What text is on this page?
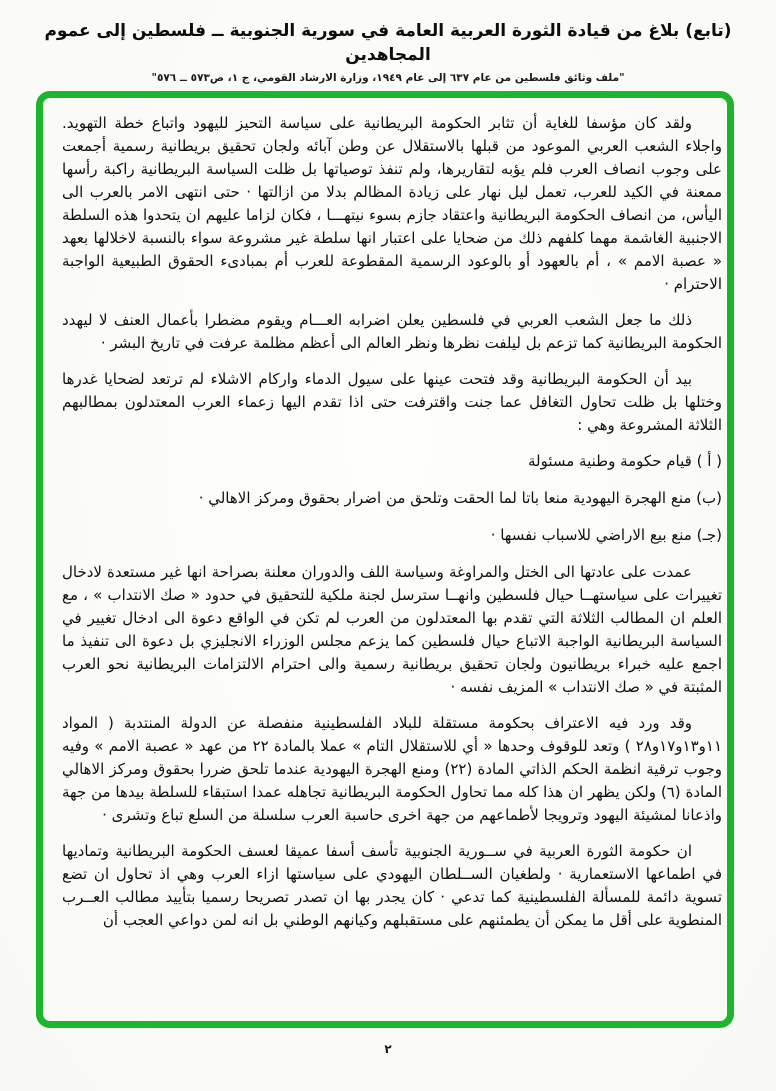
(تابع) بلاغ من قيادة الثورة العربية العامة في سورية الجنوبية ــ فلسطين إلى عموم المجاهدين
"ملف وثائق فلسطين من عام ٦٣٧ إلى عام ١٩٤٩، وزارة الارشاد القومي، ج ١، ص٥٧٣ ــ ٥٧٦"

ولقد كان مؤسفا للغاية أن تثابر الحكومة البريطانية على سياسة التحيز لليهود واتباع خطة التهويد. واجلاء الشعب العربي الموعود من قبلها بالاستقلال عن وطن آبائه ولجان تحقيق بريطانية رسمية أجمعت على وجوب انصاف العرب فلم يؤبه لتقاريرها، ولم تنفذ توصياتها بل ظلت السياسة البريطانية راكبة رأسها ممعنة في الكيد للعرب، تعمل ليل نهار على زيادة المظالم بدلا من ازالتها · حتى انتهى الامر بالعرب الى اليأس، من انصاف الحكومة البريطانية واعتقاد جازم بسوء نيتهـــا ، فكان لزاما عليهم ان يتحدوا هذه السلطة الاجنبية الغاشمة مهما كلفهم ذلك من ضحايا على اعتبار انها سلطة غير مشروعة سواء بالنسبة لاخلالها بعهد « عصبة الامم » ، أم بالعهود أو بالوعود الرسمية المقطوعة للعرب أم بمبادىء الحقوق الطبيعية الواجبة الاحترام ·

ذلك ما جعل الشعب العربي في فلسطين يعلن اضرابه العـــام ويقوم مضطرا بأعمال العنف لا ليهدد الحكومة البريطانية كما تزعم بل ليلفت نظرها ونظر العالم الى أعظم مظلمة عرفت في تاريخ البشر ·

بيد أن الحكومة البريطانية وقد فتحت عينها على سيول الدماء واركام الاشلاء لم ترتعد لضحايا غدرها وختلها بل ظلت تحاول التغافل عما جنت واقترفت حتى اذا تقدم اليها زعماء العرب المعتدلون بمطالبهم الثلاثة المشروعة وهي :

( أ ) قيام حكومة وطنية مسئولة

(ب) منع الهجرة اليهودية منعا باتا لما الحقت وتلحق من اضرار بحقوق ومركز الاهالي ·

(جـ) منع بيع الاراضي للاسباب نفسها ·

عمدت على عادتها الى الختل والمراوغة وسياسة اللف والدوران معلنة بصراحة انها غير مستعدة لادخال تغييرات على سياستهــا حيال فلسطين وانهــا سترسل لجنة ملكية للتحقيق في حدود « صك الانتداب » ، مع العلم ان المطالب الثلاثة التي تقدم بها المعتدلون من العرب لم تكن في الواقع دعوة الى ادخال تغيير في السياسة البريطانية الواجبة الاتباع حيال فلسطين كما يزعم مجلس الوزراء الانجليزي بل دعوة الى تنفيذ ما اجمع عليه خبراء بريطانيون ولجان تحقيق بريطانية رسمية والى احترام الالتزامات البريطانية نحو العرب المثبتة في « صك الانتداب » المزيف نفسه ·

وقد ورد فيه الاعتراف بحكومة مستقلة للبلاد الفلسطينية منفصلة عن الدولة المنتدبة ( المواد ١١و١٣و١٧و٢٨ ) وتعد للوقوف وحدها « أي للاستقلال التام » عملا بالمادة ٢٢ من عهد « عصبة الامم » وفيه وجوب ترقية انظمة الحكم الذاتي المادة (٢٢) ومنع الهجرة اليهودية عندما تلحق ضررا بحقوق ومركز الاهالي المادة (٦) ولكن يظهر ان هذا كله مما تحاول الحكومة البريطانية تجاهله عمدا استبقاء للسلطة بيدها من جهة واذعانا لمشيئة اليهود وترويجا لأطماعهم من جهة اخرى حاسبة العرب سلسلة من السلع تباع وتشرى ·

ان حكومة الثورة العربية في ســورية الجنوبية تأسف أسفا عميقا لعسف الحكومة البريطانية وتماديها في اطماعها الاستعمارية · ولطغيان الســلطان اليهودي على سياستها ازاء العرب وهي اذ تحاول ان تضع تسوية دائمة للمسألة الفلسطينية كما تدعي · كان يجدر بها ان تصدر تصريحا رسميا بتأييد مطالب العــرب المنطوية على أقل ما يمكن أن يطمئنهم على مستقبلهم وكيانهم الوطني بل انه لمن دواعي العجب أن

٢
